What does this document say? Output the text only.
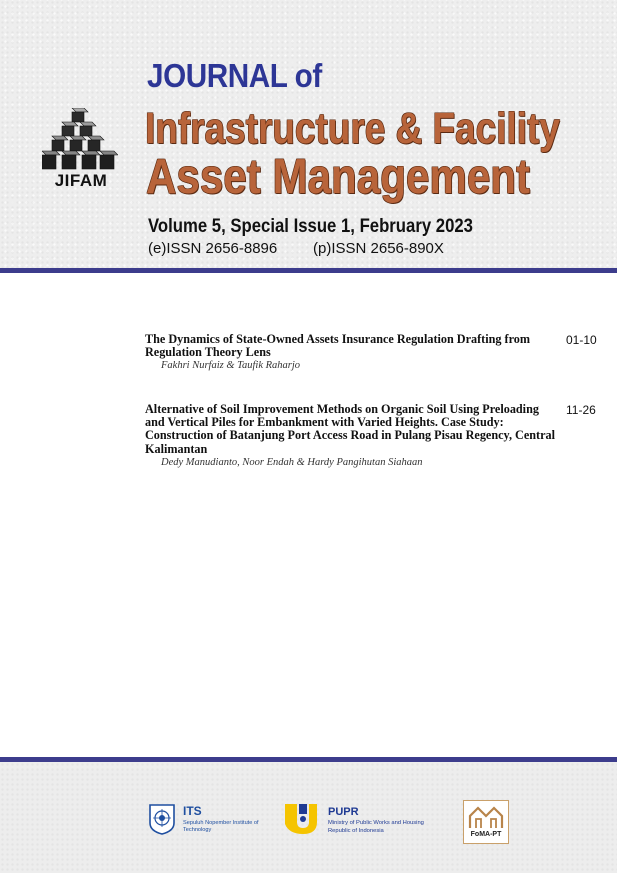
JIFAM
JOURNAL of
Infrastructure & Facility
Asset Management
Volume 5, Special Issue 1, February 2023
(e)ISSN 2656-8896 (p)ISSN 2656-890X
The Dynamics of State-Owned Assets Insurance Regulation Drafting from Regulation Theory Lens
Fakhri Nurfaiz & Taufik Raharjo
01-10
Alternative of Soil Improvement Methods on Organic Soil Using Preloading and Vertical Piles for Embankment with Varied Heights. Case Study: Construction of Batanjung Port Access Road in Pulang Pisau Regency, Central Kalimantan
Dedy Manudianto, Noor Endah & Hardy Pangihutan Siahaan
11-26
ITS
Sepuluh Nopember Institute of Technology
PUPR
Ministry of Public Works and Housing Republic of Indonesia
FoMA-PT
